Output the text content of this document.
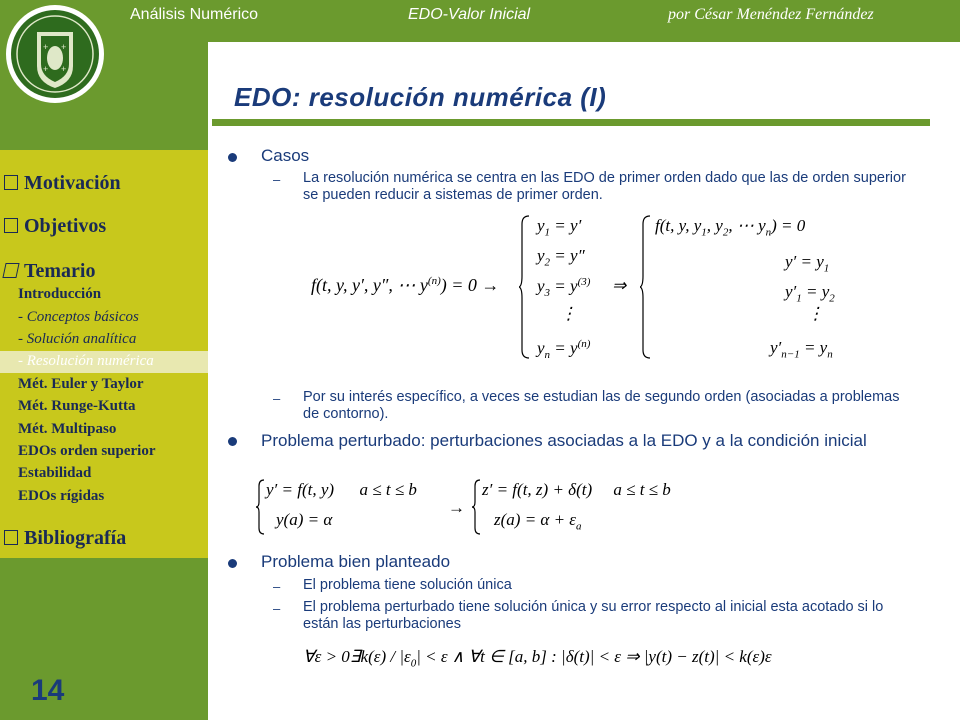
+ +
+ +
Análisis Numérico	EDO-Valor Inicial	por César Menéndez Fernández
EDO: resolución numérica (I)
Motivación
Objetivos
Temario
Introducción
- Conceptos básicos
- Solución analítica
- Resolución numérica
Mét. Euler y Taylor
Mét. Runge-Kutta
Mét. Multipaso
EDOs orden superior
Estabilidad
EDOs rígidas
Bibliografía
14
Casos
– La resolución numérica se centra en las EDO de primer orden dado que las de orden superior se pueden reducir a sistemas de primer orden.
f(t, y, y′, y″, ⋯ $y^{(n)}) = 0$ →
$y_1 = y'$
$y_2 = y''$
$y_3 = y^{(3)}$
⋮
$y_n = y^{(n)}$
⇒
f(t, y, $y_1$, $y_2$, ⋯ $y_n) = 0$
$y' = y_1$
$y'_1 = y_2$
⋮
$y'_{n-1} = y_n$
– Por su interés específico, a veces se estudian las de segundo orden (asociadas a problemas de contorno).
Problema perturbado: perturbaciones asociadas a la EDO y a la condición inicial
y′ = f(t, y)      a ≤ t ≤ b
y(a) = α
→
z′ = f(t, z) + δ(t)     a ≤ t ≤ b
$z(a) = \alpha + \varepsilon_a$
Problema bien planteado
– El problema tiene solución única
– El problema perturbado tiene solución única y su error respecto al inicial esta acotado si lo están las perturbaciones
∀ε > 0∃k(ε) / $|\varepsilon_0| < \varepsilon$ ∧ ∀t ∈ [a, b] : |δ(t)| < ε ⇒ |y(t) − z(t)| < k(ε)ε
